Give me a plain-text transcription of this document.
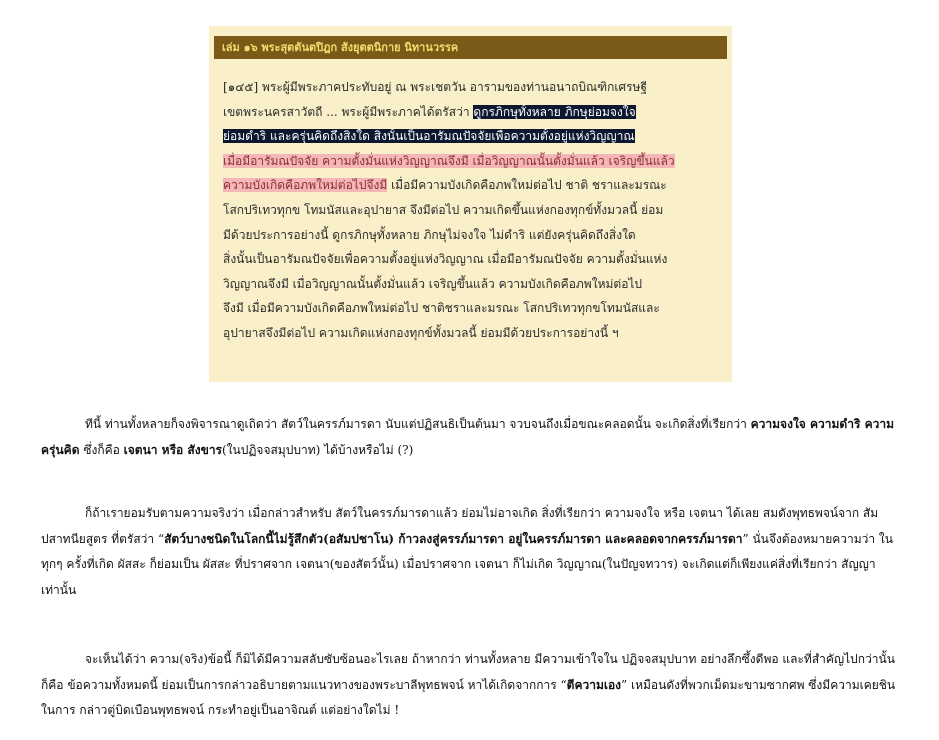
เล่ม ๑๖ พระสุตตันตปิฎก สังยุตตนิกาย นิทานวรรค
[๑๔๕] พระผู้มีพระภาคประทับอยู่ ณ พระเชตวัน อารามของท่านอนาถบิณฑิกเศรษฐี
เขตพระนครสาวัตถี ... พระผู้มีพระภาคได้ตรัสว่า ดูกรภิกษุทั้งหลาย ภิกษุย่อมจงใจ
ย่อมดำริ และครุ่นคิดถึงสิ่งใด สิ่งนั้นเป็นอารัมณปัจจัยเพื่อความตั้งอยู่แห่งวิญญาณ
เมื่อมีอารัมณปัจจัย ความตั้งมั่นแห่งวิญญาณจึงมี เมื่อวิญญาณนั้นตั้งมั่นแล้ว เจริญขึ้นแล้ว
ความบังเกิดคือภพใหม่ต่อไปจึงมี เมื่อมีความบังเกิดคือภพใหม่ต่อไป ชาติ ชราและมรณะ
โสกปริเทวทุกข โทมนัสและอุปายาส จึงมีต่อไป ความเกิดขึ้นแห่งกองทุกข์ทั้งมวลนี้ ย่อม
มีด้วยประการอย่างนี้ ดูกรภิกษุทั้งหลาย ภิกษุไม่จงใจ ไม่ดำริ แต่ยังครุ่นคิดถึงสิ่งใด
สิ่งนั้นเป็นอารัมณปัจจัยเพื่อความตั้งอยู่แห่งวิญญาณ เมื่อมีอารัมณปัจจัย ความตั้งมั่นแห่ง
วิญญาณจึงมี เมื่อวิญญาณนั้นตั้งมั่นแล้ว เจริญขึ้นแล้ว ความบังเกิดคือภพใหม่ต่อไป
จึงมี เมื่อมีความบังเกิดคือภพใหม่ต่อไป ชาติชราและมรณะ โสกปริเทวทุกขโทมนัสและ
อุปายาสจึงมีต่อไป ความเกิดแห่งกองทุกข์ทั้งมวลนี้ ย่อมมีด้วยประการอย่างนี้ ฯ

ทีนี้ ท่านทั้งหลายก็จงพิจารณาดูเถิดว่า สัตว์ในครรภ์มารดา นับแต่ปฏิสนธิเป็นต้นมา จวบจนถึงเมื่อขณะคลอดนั้น จะเกิดสิ่งที่เรียกว่า ความจงใจ ความดำริ ความครุ่นคิด ซึ่งก็คือ เจตนา หรือ สังขาร(ในปฏิจจสมุปบาท) ได้บ้างหรือไม่ (?)

ก็ถ้าเรายอมรับตามความจริงว่า เมื่อกล่าวสำหรับ สัตว์ในครรภ์มารดาแล้ว ย่อมไม่อาจเกิด สิ่งที่เรียกว่า ความจงใจ หรือ เจตนา ได้เลย สมดังพุทธพจน์จาก สัมปสาทนียสูตร ที่ตรัสว่า “สัตว์บางชนิดในโลกนี้ไม่รู้สึกตัว(อสัมปชาโน) ก้าวลงสู่ครรภ์มารดา อยู่ในครรภ์มารดา และคลอดจากครรภ์มารดา” นั่นจึงต้องหมายความว่า ในทุกๆ ครั้งที่เกิด ผัสสะ ก็ย่อมเป็น ผัสสะ ที่ปราศจาก เจตนา(ของสัตว์นั้น) เมื่อปราศจาก เจตนา ก็ไม่เกิด วิญญาณ(ในปัญจทวาร) จะเกิดแต่ก็เพียงแค่สิ่งที่เรียกว่า สัญญา เท่านั้น

จะเห็นได้ว่า ความ(จริง)ข้อนี้ ก็มิได้มีความสลับซับซ้อนอะไรเลย ถ้าหากว่า ท่านทั้งหลาย มีความเข้าใจใน ปฏิจจสมุปบาท อย่างลึกซึ้งดีพอ และที่สำคัญไปกว่านั้น ก็คือ ข้อความทั้งหมดนี้ ย่อมเป็นการกล่าวอธิบายตามแนวทางของพระบาลีพุทธพจน์ หาได้เกิดจากการ “ตีความเอง” เหมือนดังที่พวกเม็ดมะขามซากศพ ซึ่งมีความเคยชินในการ กล่าวตู่บิดเบือนพุทธพจน์ กระทำอยู่เป็นอาจิณต์ แต่อย่างใดไม่ !
